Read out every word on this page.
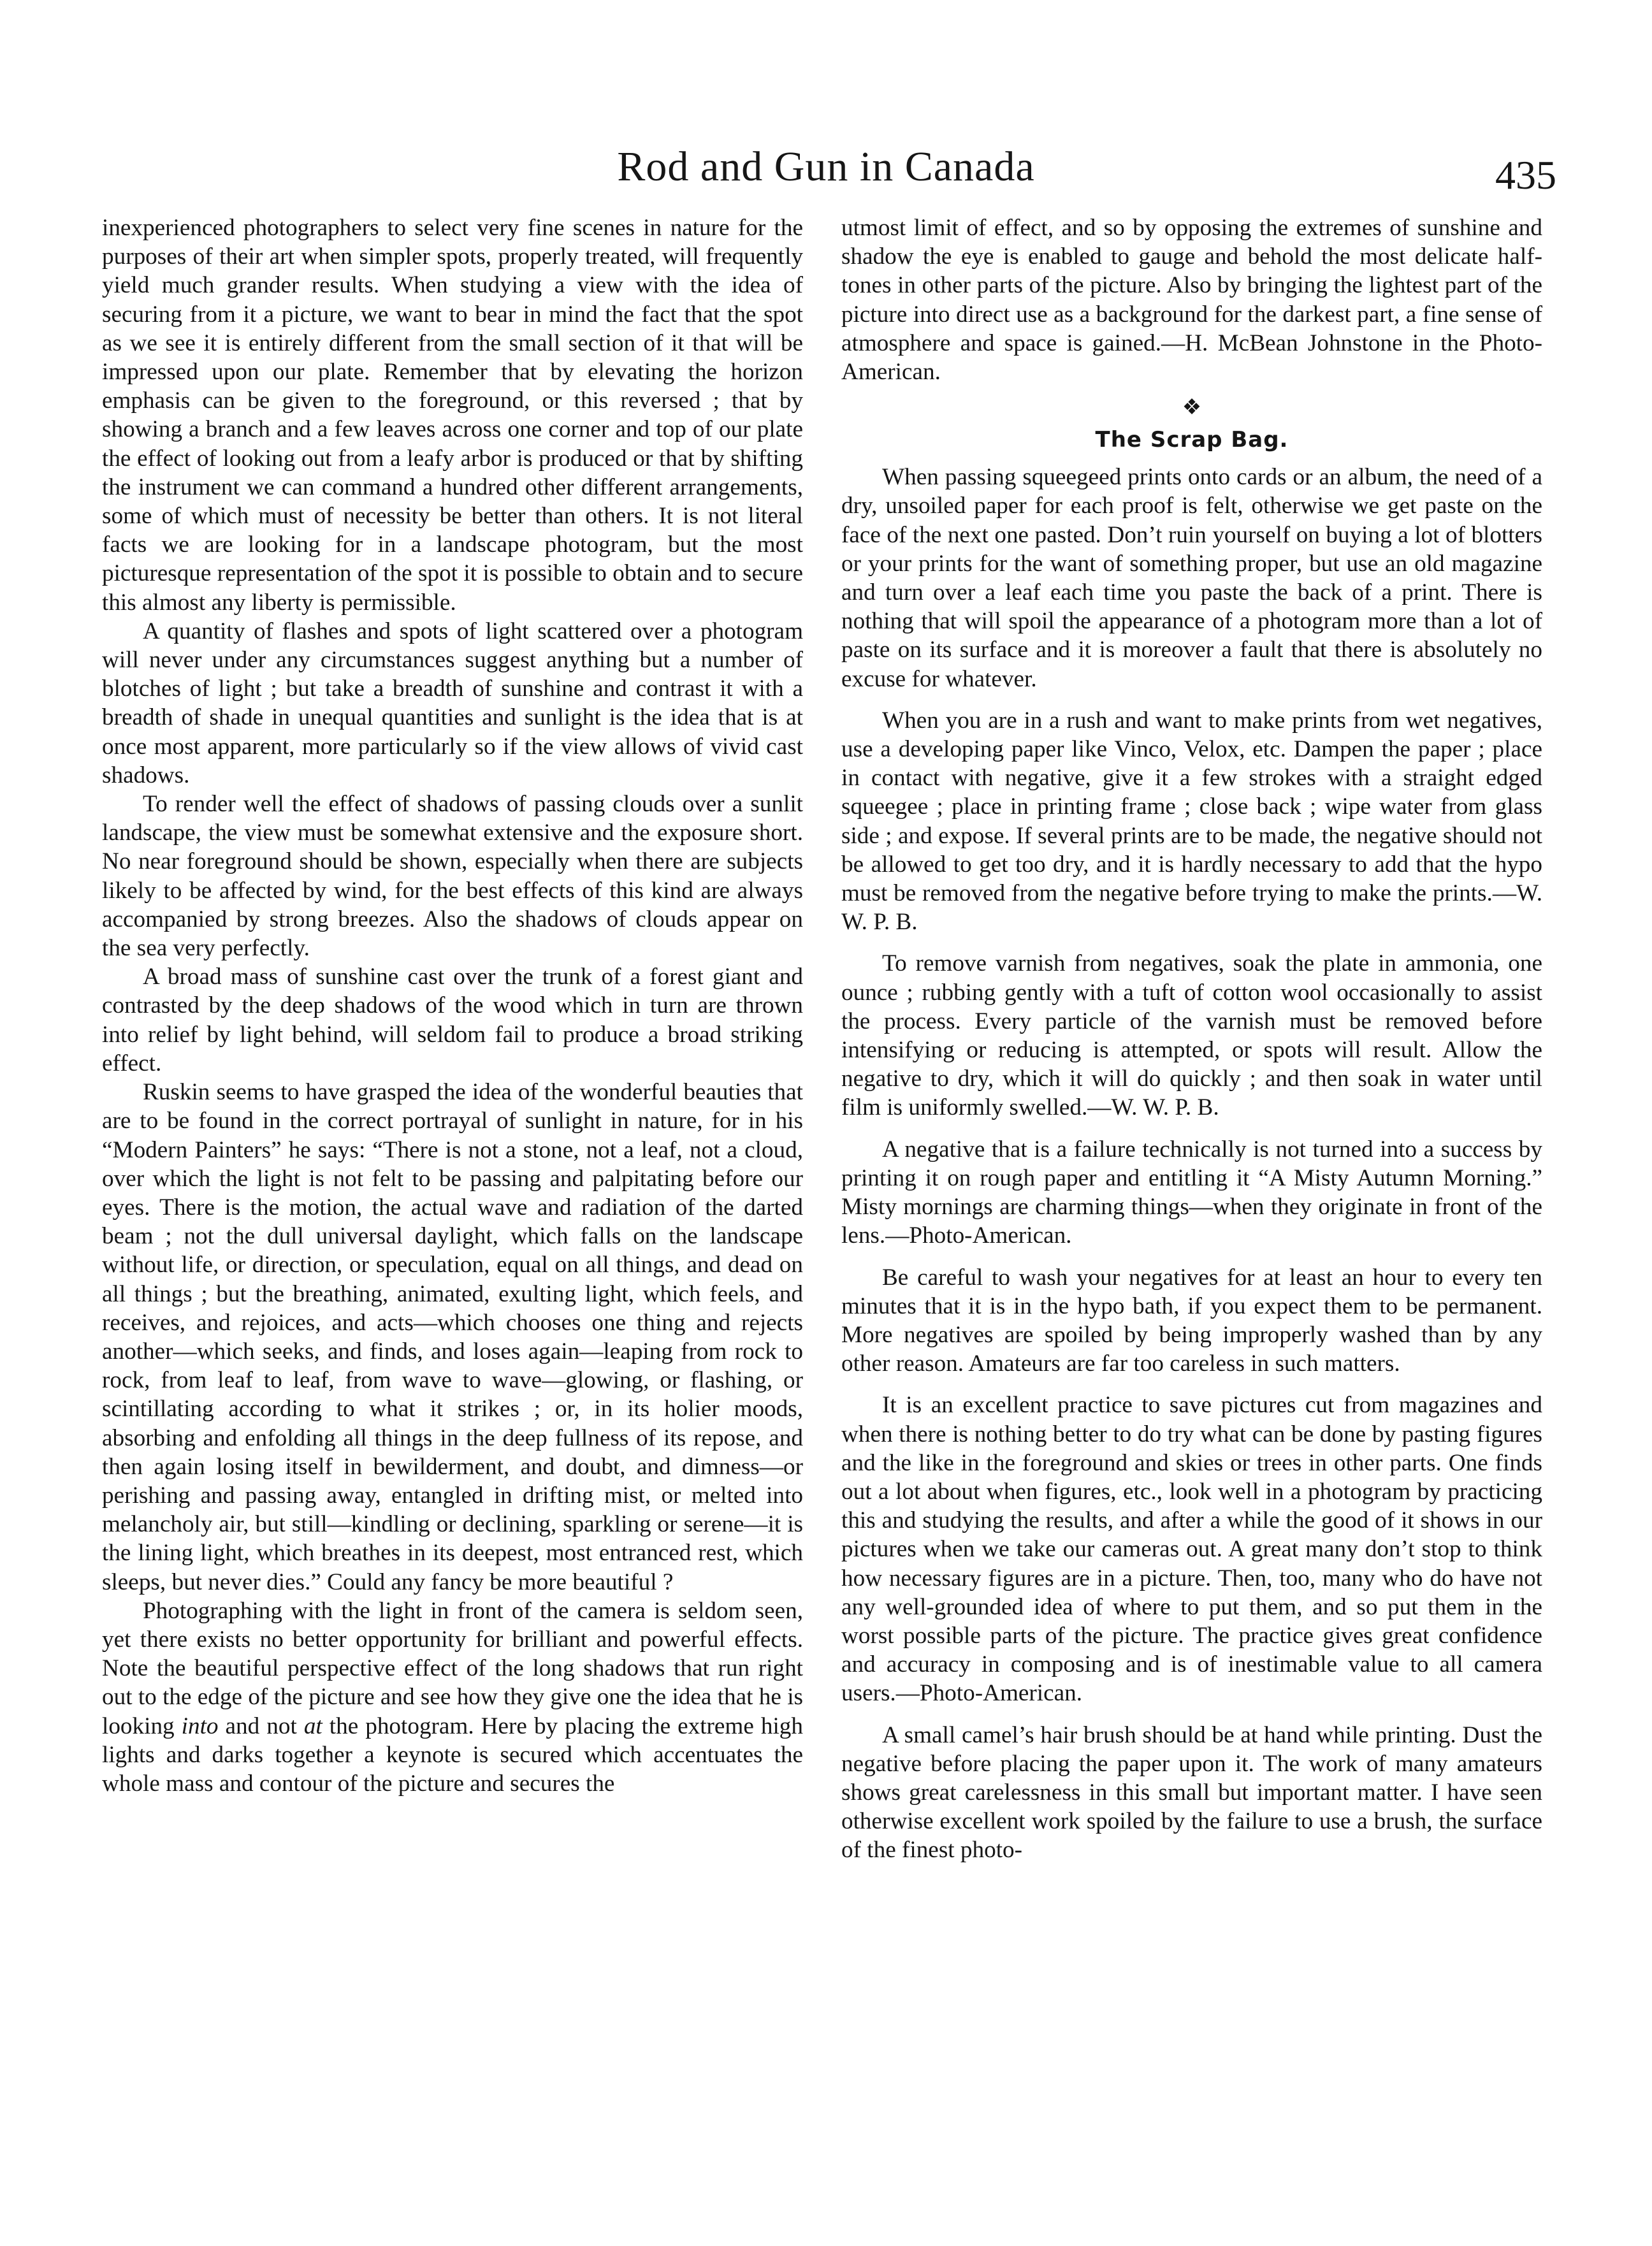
Rod and Gun in Canada	435

inexperienced photographers to select very fine scenes in nature for the purposes of their art when simpler spots, properly treated, will frequently yield much grander results. When studying a view with the idea of securing from it a picture, we want to bear in mind the fact that the spot as we see it is entirely different from the small section of it that will be impressed upon our plate. Remember that by elevating the horizon emphasis can be given to the foreground, or this reversed ; that by showing a branch and a few leaves across one corner and top of our plate the effect of looking out from a leafy arbor is produced or that by shifting the instrument we can command a hundred other different arrangements, some of which must of necessity be better than others. It is not literal facts we are looking for in a landscape photogram, but the most picturesque representation of the spot it is possible to obtain and to secure this almost any liberty is permissible.

A quantity of flashes and spots of light scattered over a photogram will never under any circumstances suggest anything but a number of blotches of light ; but take a breadth of sunshine and contrast it with a breadth of shade in unequal quantities and sunlight is the idea that is at once most apparent, more particularly so if the view allows of vivid cast shadows.

To render well the effect of shadows of passing clouds over a sunlit landscape, the view must be somewhat extensive and the exposure short. No near foreground should be shown, especially when there are subjects likely to be affected by wind, for the best effects of this kind are always accompanied by strong breezes. Also the shadows of clouds appear on the sea very perfectly.

A broad mass of sunshine cast over the trunk of a forest giant and contrasted by the deep shadows of the wood which in turn are thrown into relief by light behind, will seldom fail to produce a broad striking effect.

Ruskin seems to have grasped the idea of the wonderful beauties that are to be found in the correct portrayal of sunlight in nature, for in his “Modern Painters” he says: “There is not a stone, not a leaf, not a cloud, over which the light is not felt to be passing and palpitating before our eyes. There is the motion, the actual wave and radiation of the darted beam ; not the dull universal daylight, which falls on the landscape without life, or direction, or speculation, equal on all things, and dead on all things ; but the breathing, animated, exulting light, which feels, and receives, and rejoices, and acts—which chooses one thing and rejects another—which seeks, and finds, and loses again—leaping from rock to rock, from leaf to leaf, from wave to wave—glowing, or flashing, or scintillating according to what it strikes ; or, in its holier moods, absorbing and enfolding all things in the deep fullness of its repose, and then again losing itself in bewilderment, and doubt, and dimness—or perishing and passing away, entangled in drifting mist, or melted into melancholy air, but still—kindling or declining, sparkling or serene—it is the lining light, which breathes in its deepest, most entranced rest, which sleeps, but never dies.” Could any fancy be more beautiful ?

Photographing with the light in front of the camera is seldom seen, yet there exists no better opportunity for brilliant and powerful effects. Note the beautiful perspective effect of the long shadows that run right out to the edge of the picture and see how they give one the idea that he is looking into and not at the photogram. Here by placing the extreme high lights and darks together a keynote is secured which accentuates the whole mass and contour of the picture and secures the

utmost limit of effect, and so by opposing the extremes of sunshine and shadow the eye is enabled to gauge and behold the most delicate half-tones in other parts of the picture. Also by bringing the lightest part of the picture into direct use as a background for the darkest part, a fine sense of atmosphere and space is gained.—H. McBean Johnstone in the Photo-American.

❖
The Scrap Bag.

When passing squeegeed prints onto cards or an album, the need of a dry, unsoiled paper for each proof is felt, otherwise we get paste on the face of the next one pasted. Don’t ruin yourself on buying a lot of blotters or your prints for the want of something proper, but use an old magazine and turn over a leaf each time you paste the back of a print. There is nothing that will spoil the appearance of a photogram more than a lot of paste on its surface and it is moreover a fault that there is absolutely no excuse for whatever.

When you are in a rush and want to make prints from wet negatives, use a developing paper like Vinco, Velox, etc. Dampen the paper ; place in contact with negative, give it a few strokes with a straight edged squeegee ; place in printing frame ; close back ; wipe water from glass side ; and expose. If several prints are to be made, the negative should not be allowed to get too dry, and it is hardly necessary to add that the hypo must be removed from the negative before trying to make the prints.—W. W. P. B.

To remove varnish from negatives, soak the plate in ammonia, one ounce ; rubbing gently with a tuft of cotton wool occasionally to assist the process. Every particle of the varnish must be removed before intensifying or reducing is attempted, or spots will result. Allow the negative to dry, which it will do quickly ; and then soak in water until film is uniformly swelled.—W. W. P. B.

A negative that is a failure technically is not turned into a success by printing it on rough paper and entitling it “A Misty Autumn Morning.” Misty mornings are charming things—when they originate in front of the lens.—Photo-American.

Be careful to wash your negatives for at least an hour to every ten minutes that it is in the hypo bath, if you expect them to be permanent. More negatives are spoiled by being improperly washed than by any other reason. Amateurs are far too careless in such matters.

It is an excellent practice to save pictures cut from magazines and when there is nothing better to do try what can be done by pasting figures and the like in the foreground and skies or trees in other parts. One finds out a lot about when figures, etc., look well in a photogram by practicing this and studying the results, and after a while the good of it shows in our pictures when we take our cameras out. A great many don’t stop to think how necessary figures are in a picture. Then, too, many who do have not any well-grounded idea of where to put them, and so put them in the worst possible parts of the picture. The practice gives great confidence and accuracy in composing and is of inestimable value to all camera users.—Photo-American.

A small camel’s hair brush should be at hand while printing. Dust the negative before placing the paper upon it. The work of many amateurs shows great carelessness in this small but important matter. I have seen otherwise excellent work spoiled by the failure to use a brush, the surface of the finest photo-
